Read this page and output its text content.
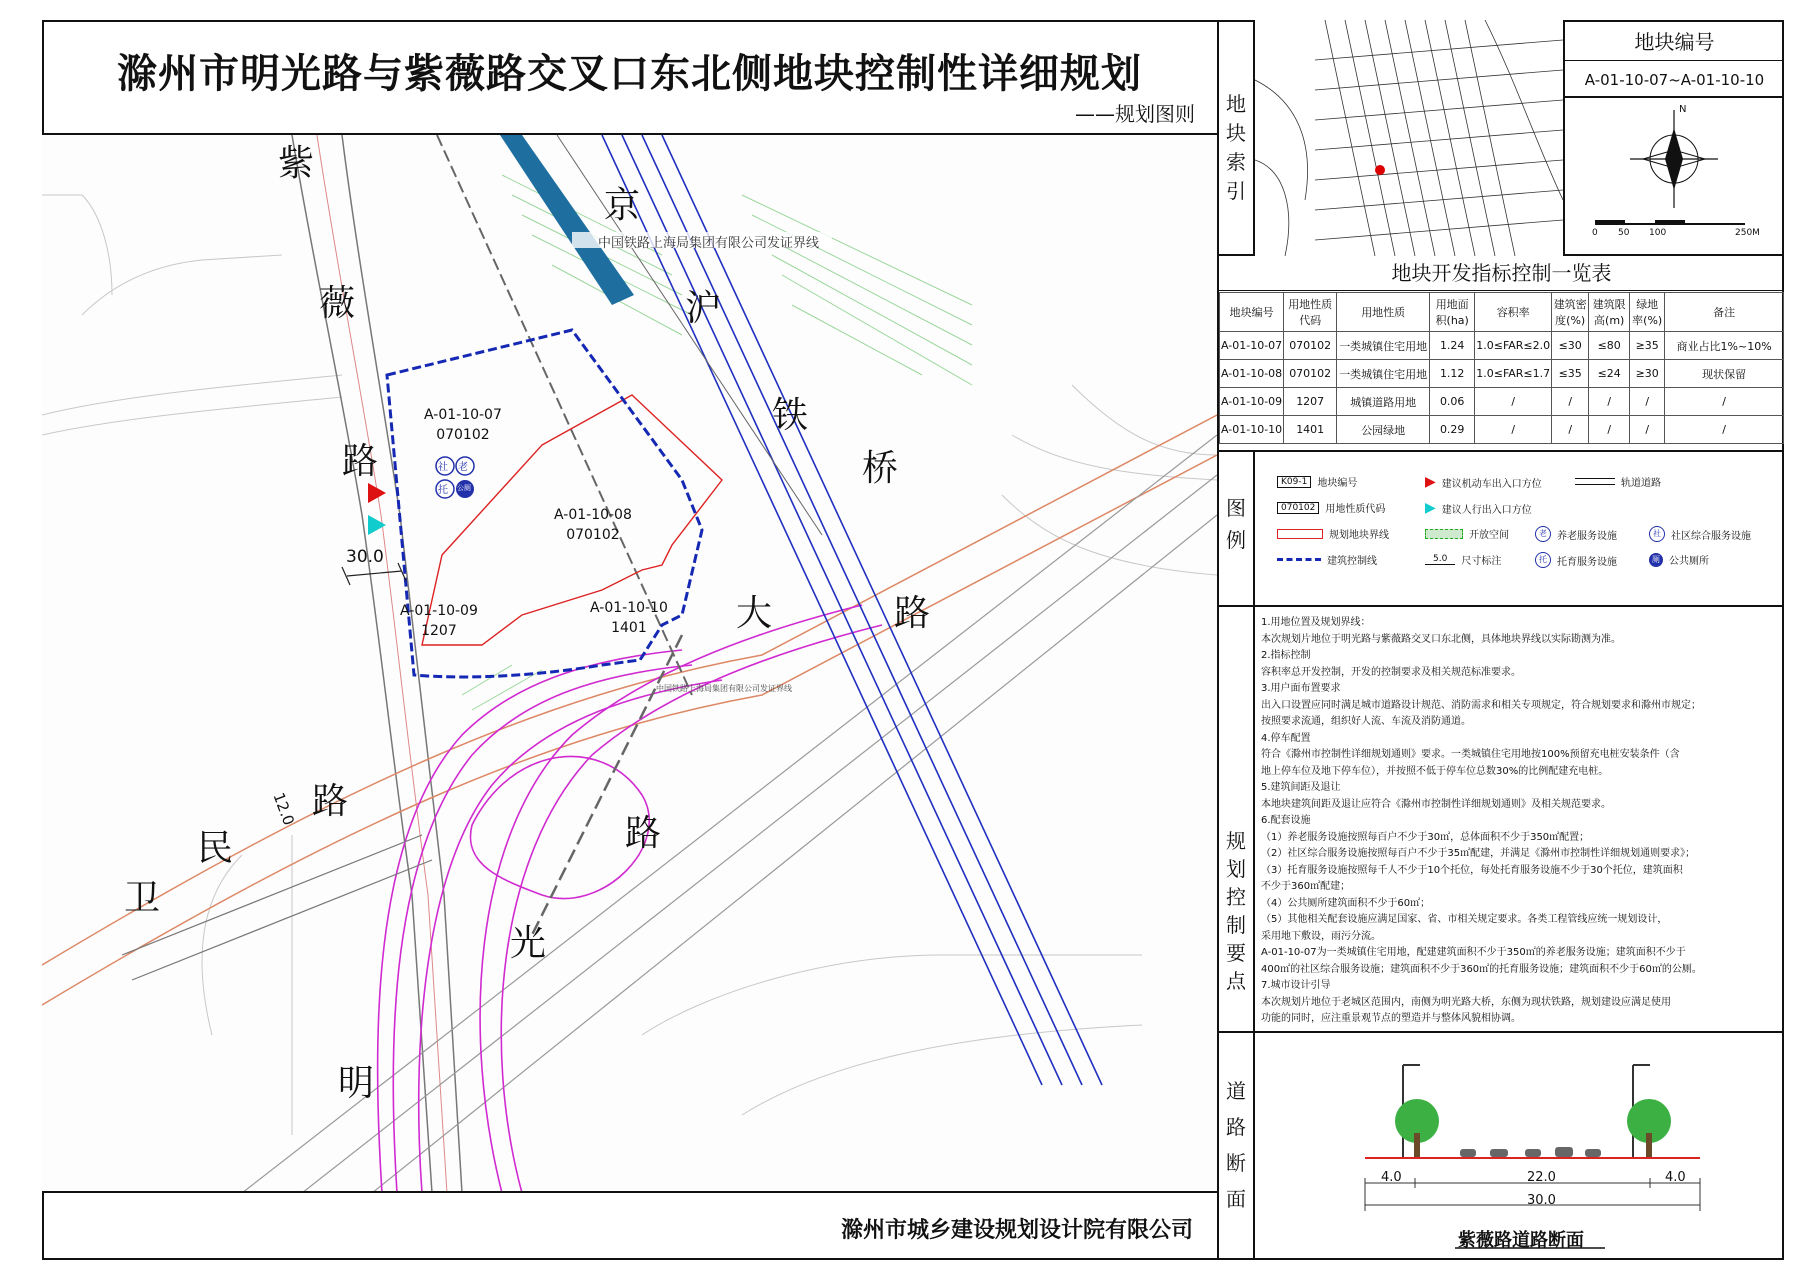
滁州市明光路与紫薇路交叉口东北侧地块控制性详细规划
——规划图则
紫
薇
路
京
沪
铁
桥
大	路
卫
民
路
12.0
路
光
明
中国铁路上海局集团有限公司发证界线
中国铁路上海局集团有限公司发证界线
30.0
A-01-10-07
070102
A-01-10-08
070102
A-01-10-09
1207
A-01-10-10
1401
社 老
托 公厕
滁州市城乡建设规划设计院有限公司
地块索引
地块编号
A-01-10-07~A-01-10-10
N
0 50 100	250M
地块开发指标控制一览表
地块编号	用地性质代码	用地性质	用地面积(ha)	容积率	建筑密度(%)	建筑限高(m)	绿地率(%)	备注
A-01-10-07	070102	一类城镇住宅用地	1.24	1.0≤FAR≤2.0	≤30	≤80	≥35	商业占比1%~10%
A-01-10-08	070102	一类城镇住宅用地	1.12	1.0≤FAR≤1.7	≤35	≤24	≥30	现状保留
A-01-10-09	1207	城镇道路用地	0.06	/	/	/	/	/
A-01-10-10	1401	公园绿地	0.29	/	/	/	/	/
图例
K09-1	地块编号
070102	用地性质代码
规划地块界线
建筑控制线
▶ 建议机动车出入口方位
▶ 建议人行出入口方位
开放空间
5.0	尺寸标注
轨道道路
老	养老服务设施
托	托育服务设施
社	社区综合服务设施
厕 公共厕所
规划控制要点
1.用地位置及规划界线：
本次规划片地位于明光路与紫薇路交叉口东北侧，具体地块界线以实际勘测为准。
2.指标控制
容积率总开发控制，开发的控制要求及相关规范标准要求。
3.用户面布置要求
出入口设置应同时满足城市道路设计规范、消防需求和相关专项规定，符合规划要求和滁州市规定；
按照要求流通，组织好人流、车流及消防通道。
4.停车配置
符合《滁州市控制性详细规划通则》要求。一类城镇住宅用地按100%预留充电桩安装条件（含
地上停车位及地下停车位），并按照不低于停车位总数30%的比例配建充电桩。
5.建筑间距及退让
本地块建筑间距及退让应符合《滁州市控制性详细规划通则》及相关规范要求。
6.配套设施
（1）养老服务设施按照每百户不少于30㎡，总体面积不少于350㎡配置；
（2）社区综合服务设施按照每百户不少于35㎡配建，并满足《滁州市控制性详细规划通则要求》；
（3）托育服务设施按照每千人不少于10个托位，每处托育服务设施不少于30个托位，建筑面积
不少于360㎡配建；
（4）公共厕所建筑面积不少于60㎡；
（5）其他相关配套设施应满足国家、省、市相关规定要求。各类工程管线应统一规划设计，
采用地下敷设，雨污分流。
A-01-10-07为一类城镇住宅用地，配建建筑面积不少于350㎡的养老服务设施；建筑面积不少于
400㎡的社区综合服务设施；建筑面积不少于360㎡的托育服务设施；建筑面积不少于60㎡的公厕。
7.城市设计引导
本次规划片地位于老城区范围内，南侧为明光路大桥，东侧为现状铁路，规划建设应满足使用
功能的同时，应注重景观节点的塑造并与整体风貌相协调。
道路断面
4.0	22.0	4.0
30.0
紫薇路道路断面
